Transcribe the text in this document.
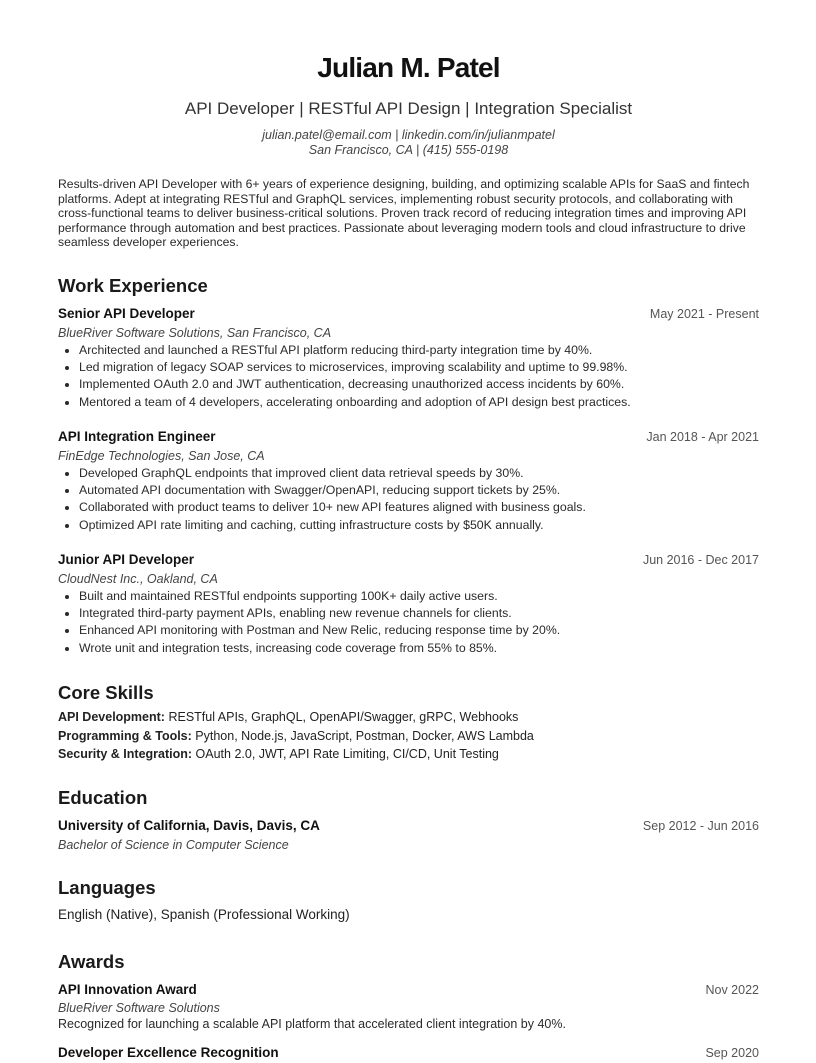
Julian M. Patel
API Developer | RESTful API Design | Integration Specialist
julian.patel@email.com | linkedin.com/in/julianmpatel
San Francisco, CA | (415) 555-0198
Results-driven API Developer with 6+ years of experience designing, building, and optimizing scalable APIs for SaaS and fintech platforms. Adept at integrating RESTful and GraphQL services, implementing robust security protocols, and collaborating with cross-functional teams to deliver business-critical solutions. Proven track record of reducing integration times and improving API performance through automation and best practices. Passionate about leveraging modern tools and cloud infrastructure to drive seamless developer experiences.
Work Experience
Senior API Developer	May 2021 - Present
BlueRiver Software Solutions, San Francisco, CA
• Architected and launched a RESTful API platform reducing third-party integration time by 40%.
• Led migration of legacy SOAP services to microservices, improving scalability and uptime to 99.98%.
• Implemented OAuth 2.0 and JWT authentication, decreasing unauthorized access incidents by 60%.
• Mentored a team of 4 developers, accelerating onboarding and adoption of API design best practices.
API Integration Engineer	Jan 2018 - Apr 2021
FinEdge Technologies, San Jose, CA
• Developed GraphQL endpoints that improved client data retrieval speeds by 30%.
• Automated API documentation with Swagger/OpenAPI, reducing support tickets by 25%.
• Collaborated with product teams to deliver 10+ new API features aligned with business goals.
• Optimized API rate limiting and caching, cutting infrastructure costs by $50K annually.
Junior API Developer	Jun 2016 - Dec 2017
CloudNest Inc., Oakland, CA
• Built and maintained RESTful endpoints supporting 100K+ daily active users.
• Integrated third-party payment APIs, enabling new revenue channels for clients.
• Enhanced API monitoring with Postman and New Relic, reducing response time by 20%.
• Wrote unit and integration tests, increasing code coverage from 55% to 85%.
Core Skills
API Development: RESTful APIs, GraphQL, OpenAPI/Swagger, gRPC, Webhooks
Programming & Tools: Python, Node.js, JavaScript, Postman, Docker, AWS Lambda
Security & Integration: OAuth 2.0, JWT, API Rate Limiting, CI/CD, Unit Testing
Education
University of California, Davis, Davis, CA	Sep 2012 - Jun 2016
Bachelor of Science in Computer Science
Languages
English (Native), Spanish (Professional Working)
Awards
API Innovation Award	Nov 2022
BlueRiver Software Solutions
Recognized for launching a scalable API platform that accelerated client integration by 40%.
Developer Excellence Recognition	Sep 2020
